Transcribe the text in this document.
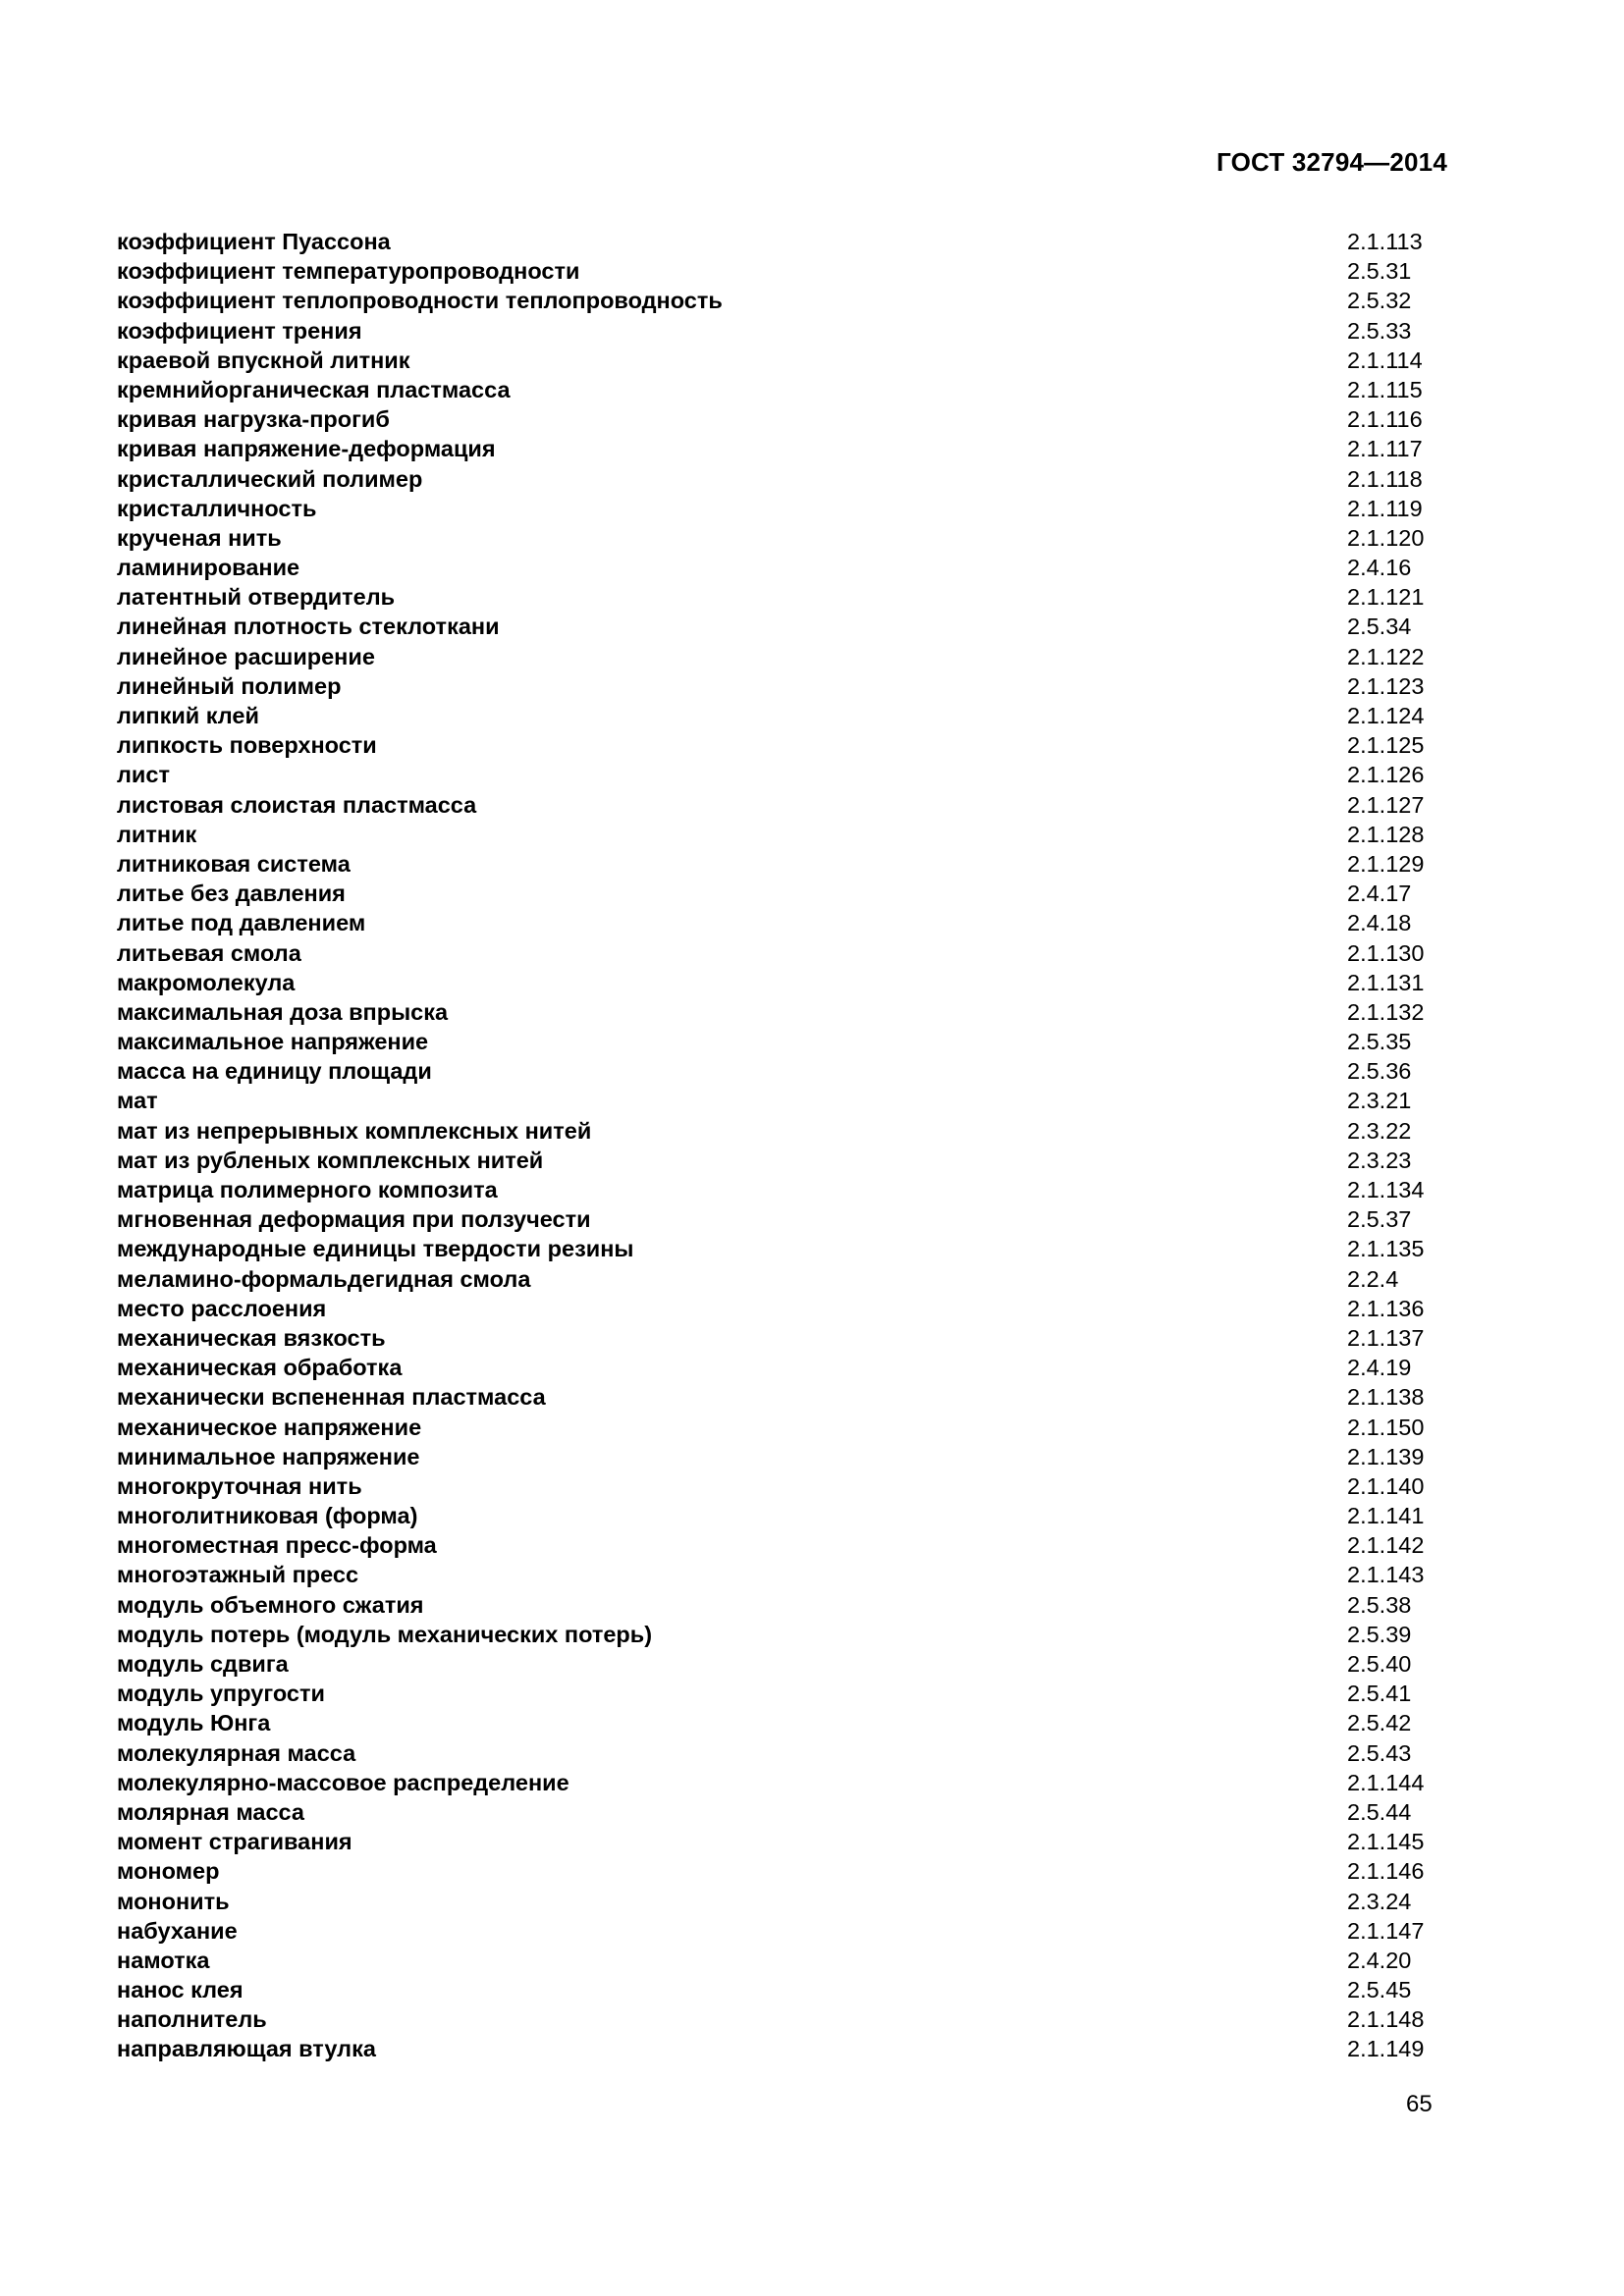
ГОСТ 32794—2014
коэффициент Пуассона	2.1.113
коэффициент температуропроводности	2.5.31
коэффициент теплопроводности теплопроводность	2.5.32
коэффициент трения	2.5.33
краевой впускной литник	2.1.114
кремнийорганическая пластмасса	2.1.115
кривая нагрузка-прогиб	2.1.116
кривая напряжение-деформация	2.1.117
кристаллический полимер	2.1.118
кристалличность	2.1.119
крученая нить	2.1.120
ламинирование	2.4.16
латентный отвердитель	2.1.121
линейная плотность стеклоткани	2.5.34
линейное расширение	2.1.122
линейный полимер	2.1.123
липкий клей	2.1.124
липкость поверхности	2.1.125
лист	2.1.126
листовая слоистая пластмасса	2.1.127
литник	2.1.128
литниковая система	2.1.129
литье без давления	2.4.17
литье под давлением	2.4.18
литьевая смола	2.1.130
макромолекула	2.1.131
максимальная доза впрыска	2.1.132
максимальное напряжение	2.5.35
масса на единицу площади	2.5.36
мат	2.3.21
мат из непрерывных комплексных нитей	2.3.22
мат из рубленых комплексных нитей	2.3.23
матрица полимерного композита	2.1.134
мгновенная деформация при ползучести	2.5.37
международные единицы твердости резины	2.1.135
меламино-формальдегидная смола	2.2.4
место расслоения	2.1.136
механическая вязкость	2.1.137
механическая обработка	2.4.19
механически вспененная пластмасса	2.1.138
механическое напряжение	2.1.150
минимальное напряжение	2.1.139
многокруточная нить	2.1.140
многолитниковая (форма)	2.1.141
многоместная пресс-форма	2.1.142
многоэтажный пресс	2.1.143
модуль объемного сжатия	2.5.38
модуль потерь (модуль механических потерь)	2.5.39
модуль сдвига	2.5.40
модуль упругости	2.5.41
модуль Юнга	2.5.42
молекулярная масса	2.5.43
молекулярно-массовое распределение	2.1.144
молярная масса	2.5.44
момент страгивания	2.1.145
мономер	2.1.146
мононить	2.3.24
набухание	2.1.147
намотка	2.4.20
нанос клея	2.5.45
наполнитель	2.1.148
направляющая втулка	2.1.149
65
